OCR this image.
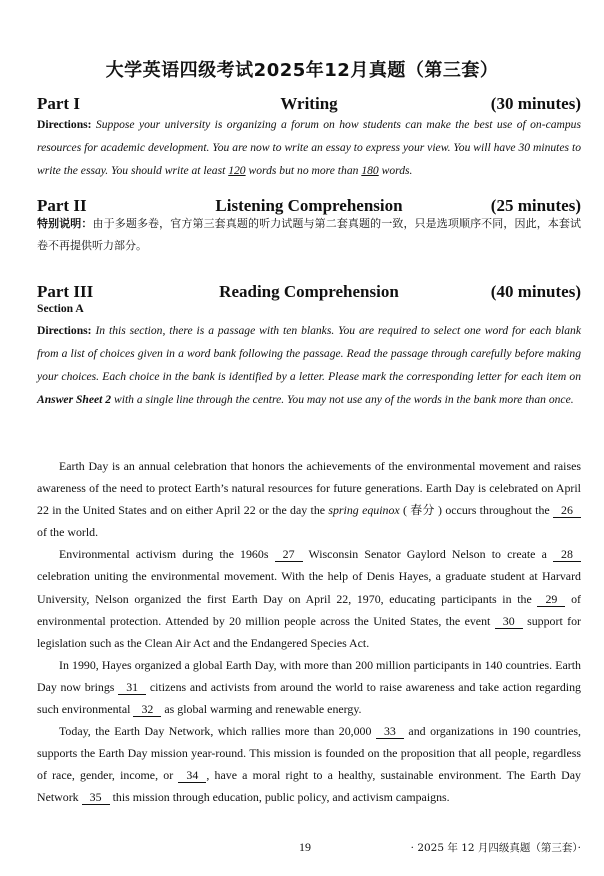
大学英语四级考试2025年12月真题（第三套）
Part I	Writing	(30 minutes)
Directions: Suppose your university is organizing a forum on how students can make the best use of on-campus resources for academic development. You are now to write an essay to express your view. You will have 30 minutes to write the essay. You should write at least 120 words but no more than 180 words.
Part II	Listening Comprehension	(25 minutes)
特别说明：由于多题多卷，官方第三套真题的听力试题与第二套真题的一致，只是选项顺序不同，因此，本套试卷不再提供听力部分。
Part III	Reading Comprehension	(40 minutes)
Section A
Directions: In this section, there is a passage with ten blanks. You are required to select one word for each blank from a list of choices given in a word bank following the passage. Read the passage through carefully before making your choices. Each choice in the bank is identified by a letter. Please mark the corresponding letter for each item on Answer Sheet 2 with a single line through the centre. You may not use any of the words in the bank more than once.

Earth Day is an annual celebration that honors the achievements of the environmental movement and raises awareness of the need to protect Earth’s natural resources for future generations. Earth Day is celebrated on April 22 in the United States and on either April 22 or the day the spring equinox ( 春分 ) occurs throughout the 26 of the world.

Environmental activism during the 1960s 27 Wisconsin Senator Gaylord Nelson to create a 28 celebration uniting the environmental movement. With the help of Denis Hayes, a graduate student at Harvard University, Nelson organized the first Earth Day on April 22, 1970, educating participants in the 29 of environmental protection. Attended by 20 million people across the United States, the event 30 support for legislation such as the Clean Air Act and the Endangered Species Act.

In 1990, Hayes organized a global Earth Day, with more than 200 million participants in 140 countries. Earth Day now brings 31 citizens and activists from around the world to raise awareness and take action regarding such environmental 32 as global warming and renewable energy.

Today, the Earth Day Network, which rallies more than 20,000 33 and organizations in 190 countries, supports the Earth Day mission year-round. This mission is founded on the proposition that all people, regardless of race, gender, income, or 34 , have a moral right to a healthy, sustainable environment. The Earth Day Network 35 this mission through education, public policy, and activism campaigns.

19	· 2025 年 12 月四级真题（第三套）·
